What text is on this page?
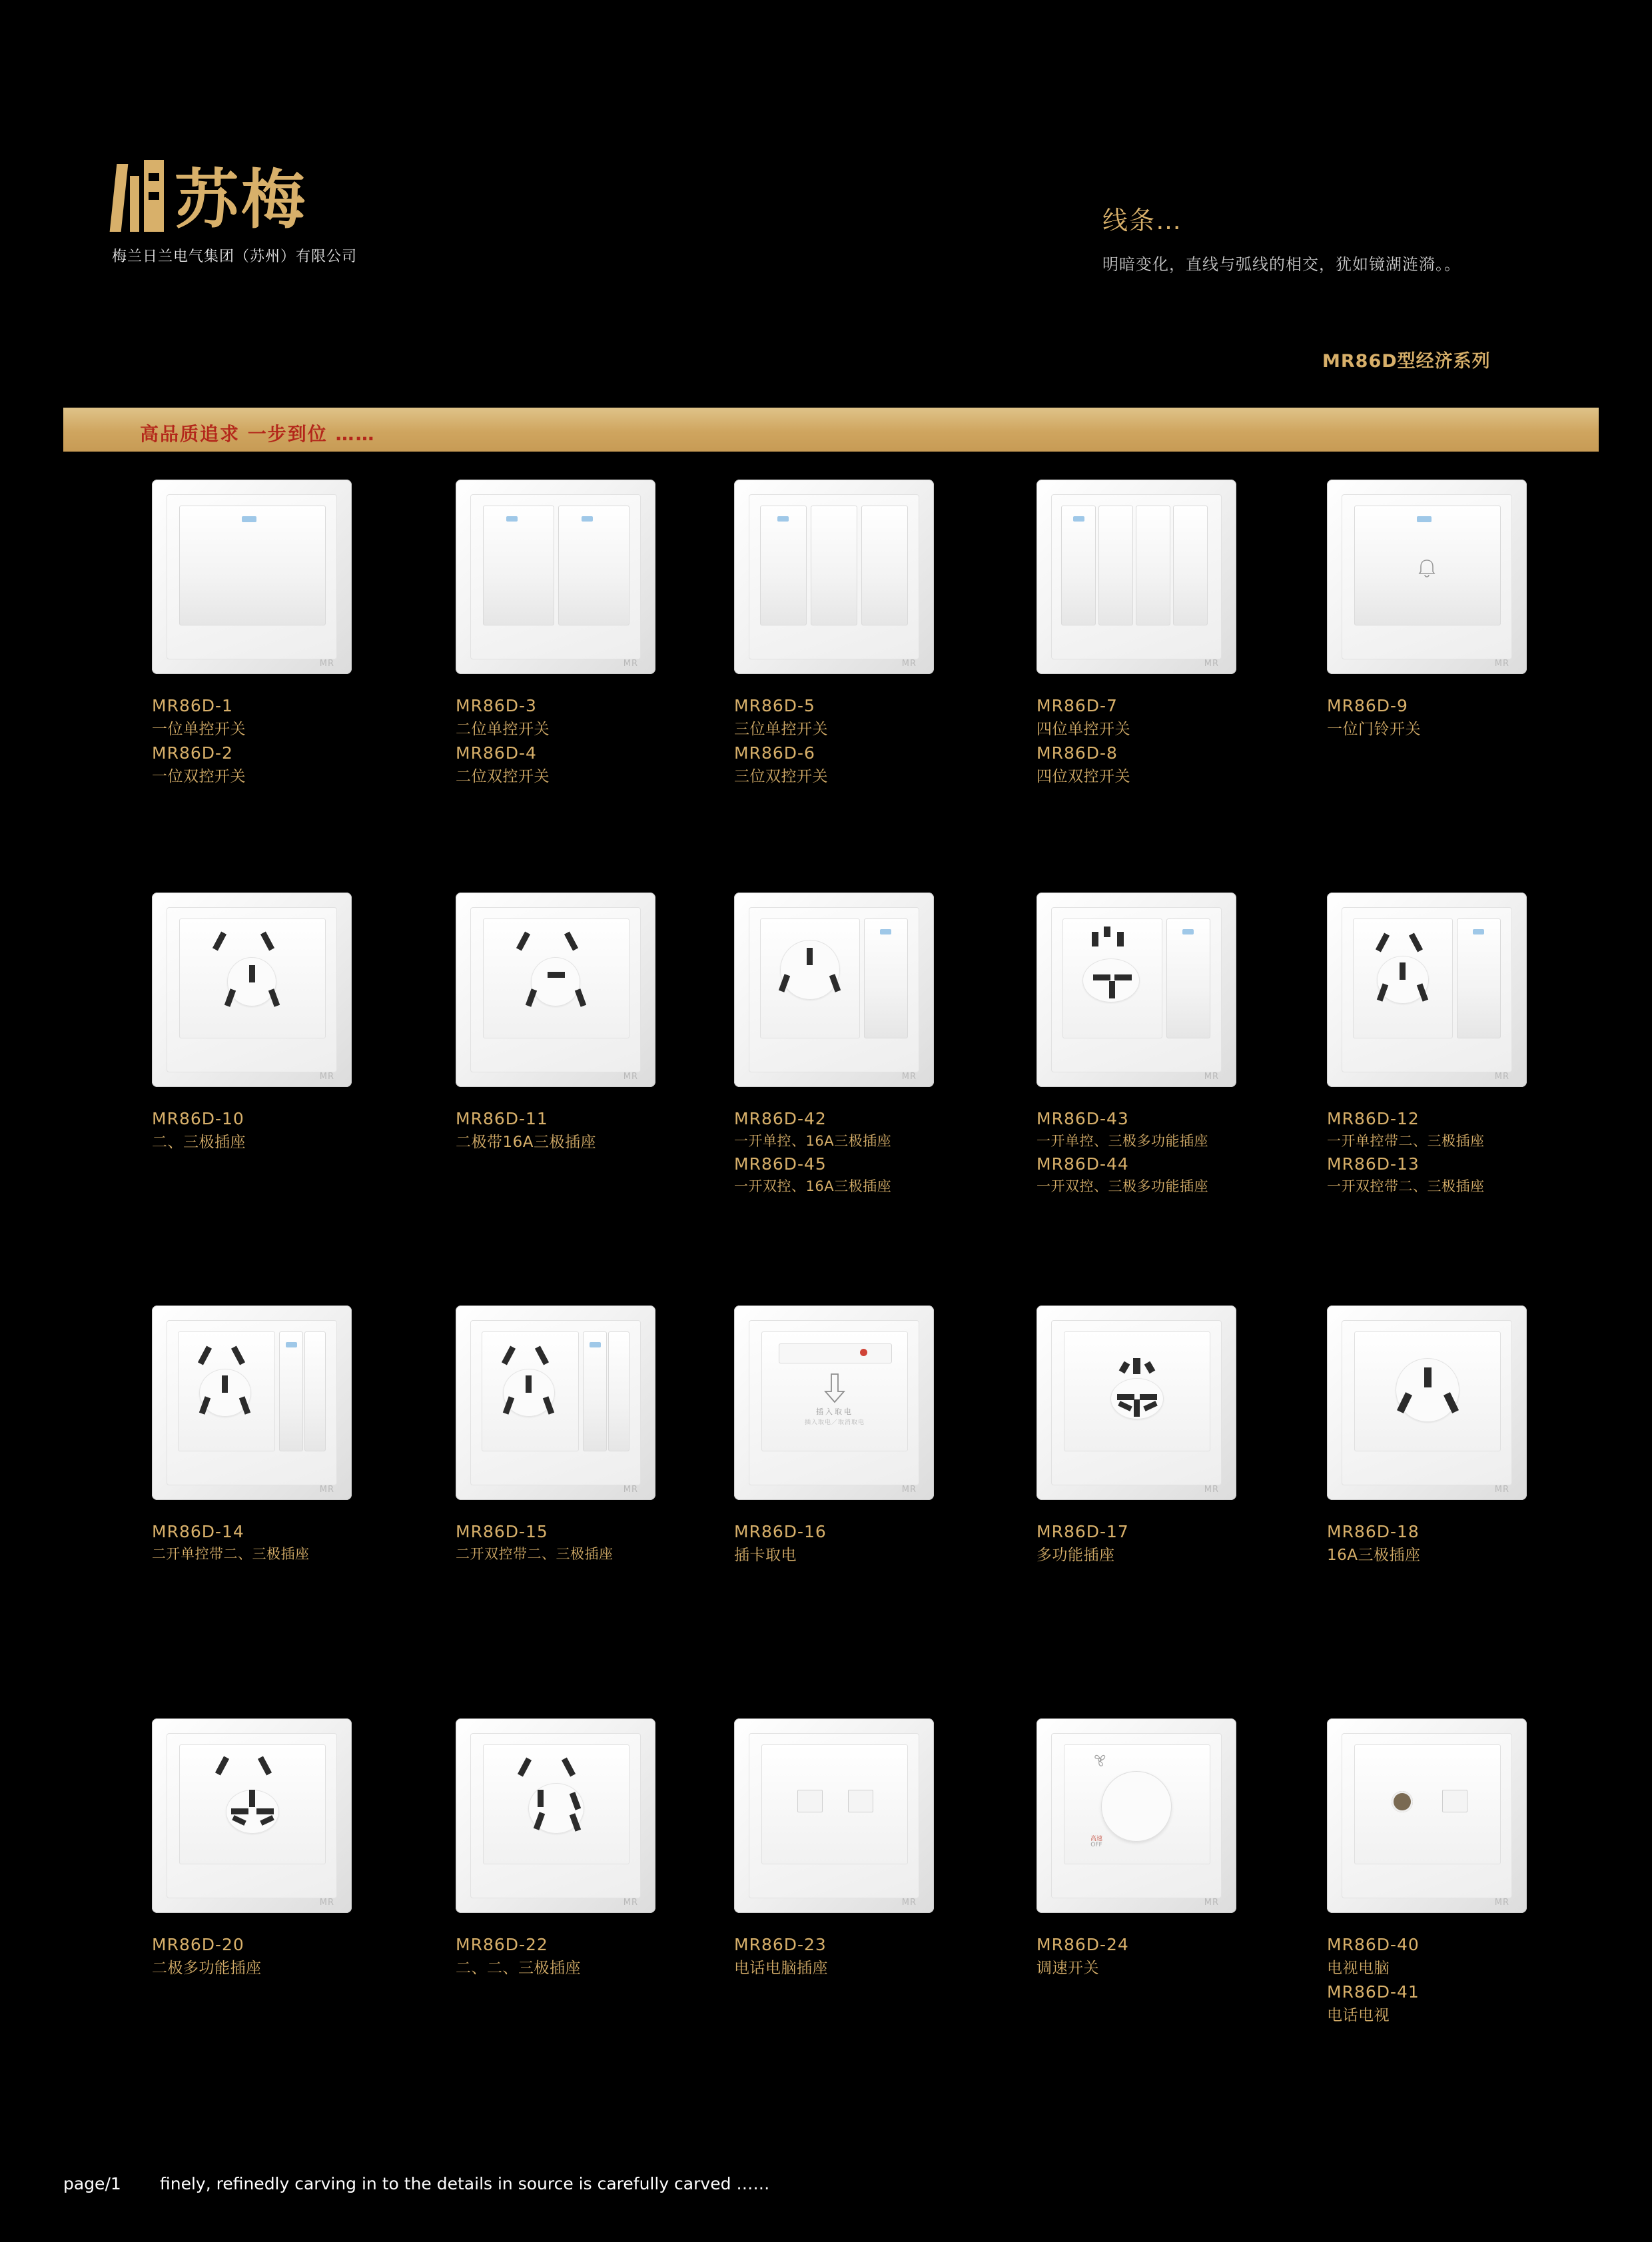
苏梅
梅兰日兰电气集团（苏州）有限公司
线条…
明暗变化，直线与弧线的相交，犹如镜湖涟漪。。
MR86D型经济系列
高品质追求 一步到位 ……
MR
MR86D-1
一位单控开关
MR86D-2
一位双控开关
MR
MR86D-3
二位单控开关
MR86D-4
二位双控开关
MR
MR86D-5
三位单控开关
MR86D-6
三位双控开关
MR
MR86D-7
四位单控开关
MR86D-8
四位双控开关
MR
MR86D-9
一位门铃开关
MR
MR86D-10
二、三极插座
MR
MR86D-11
二极带16A三极插座
MR
MR86D-42
一开单控、16A三极插座
MR86D-45
一开双控、16A三极插座
MR
MR86D-43
一开单控、三极多功能插座
MR86D-44
一开双控、三极多功能插座
MR
MR86D-12
一开单控带二、三极插座
MR86D-13
一开双控带二、三极插座
MR
MR86D-14
二开单控带二、三极插座
MR
MR86D-15
二开双控带二、三极插座
插入取电
插入取电／取消取电
MR
MR86D-16
插卡取电
MR
MR86D-17
多功能插座
MR
MR86D-18
16A三极插座
MR
MR86D-20
二极多功能插座
MR
MR86D-22
二、二、三极插座
MR
MR86D-23
电话电脑插座
高速
OFF
MR
MR86D-24
调速开关
MR
MR86D-40
电视电脑
MR86D-41
电话电视
page/1 finely, refinedly carving in to the details in source is carefully carved ……
